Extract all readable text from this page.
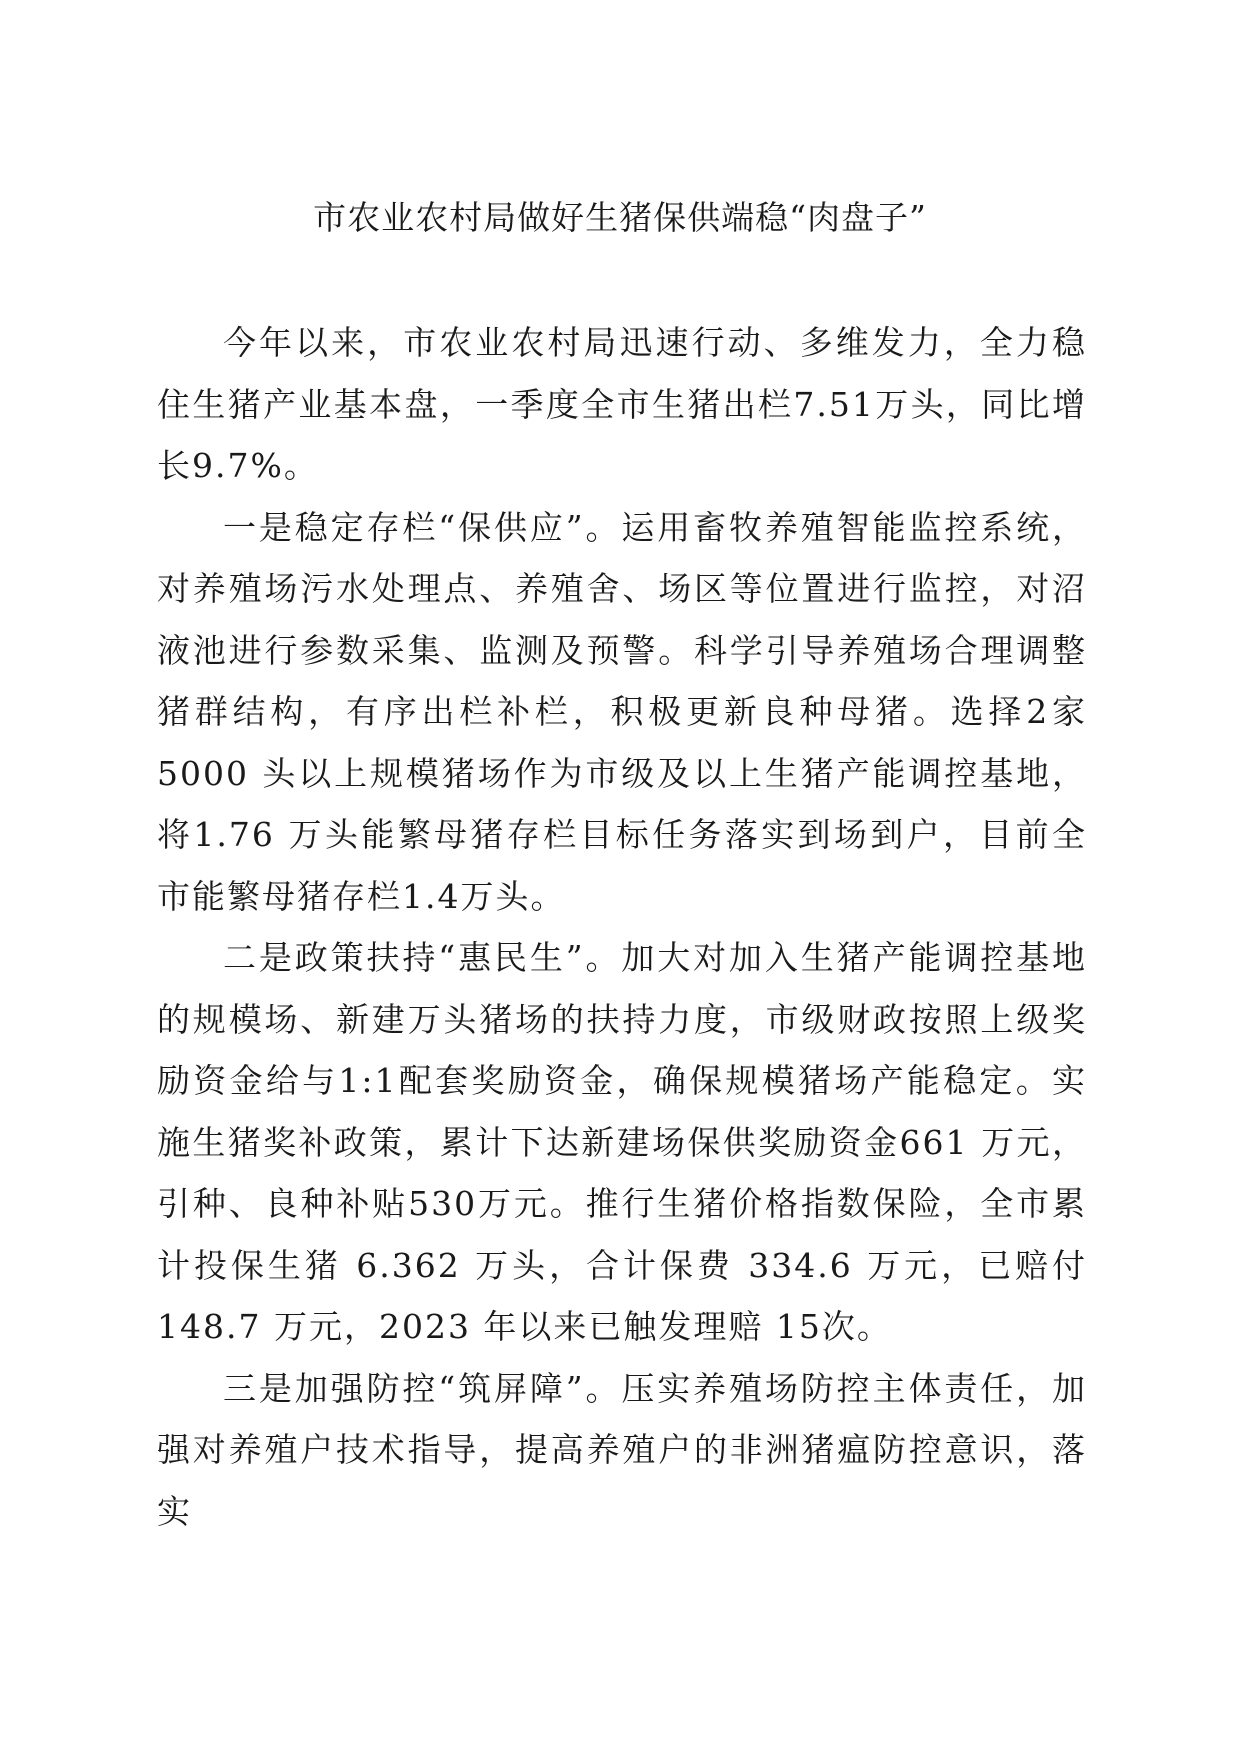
市农业农村局做好生猪保供端稳“肉盘子”

今年以来，市农业农村局迅速行动、多维发力，全力稳住生猪产业基本盘，一季度全市生猪出栏7.51万头，同比增长9.7%。

一是稳定存栏“保供应”。运用畜牧养殖智能监控系统，对养殖场污水处理点、养殖舍、场区等位置进行监控，对沼液池进行参数采集、监测及预警。科学引导养殖场合理调整猪群结构，有序出栏补栏，积极更新良种母猪。选择2家 5000 头以上规模猪场作为市级及以上生猪产能调控基地，将1.76 万头能繁母猪存栏目标任务落实到场到户，目前全市能繁母猪存栏1.4万头。

二是政策扶持“惠民生”。加大对加入生猪产能调控基地的规模场、新建万头猪场的扶持力度，市级财政按照上级奖励资金给与1:1配套奖励资金，确保规模猪场产能稳定。实施生猪奖补政策，累计下达新建场保供奖励资金661 万元，引种、良种补贴530万元。推行生猪价格指数保险，全市累计投保生猪 6.362 万头，合计保费 334.6 万元，已赔付 148.7 万元，2023 年以来已触发理赔 15次。

三是加强防控“筑屏障”。压实养殖场防控主体责任，加强对养殖户技术指导，提高养殖户的非洲猪瘟防控意识，落实
